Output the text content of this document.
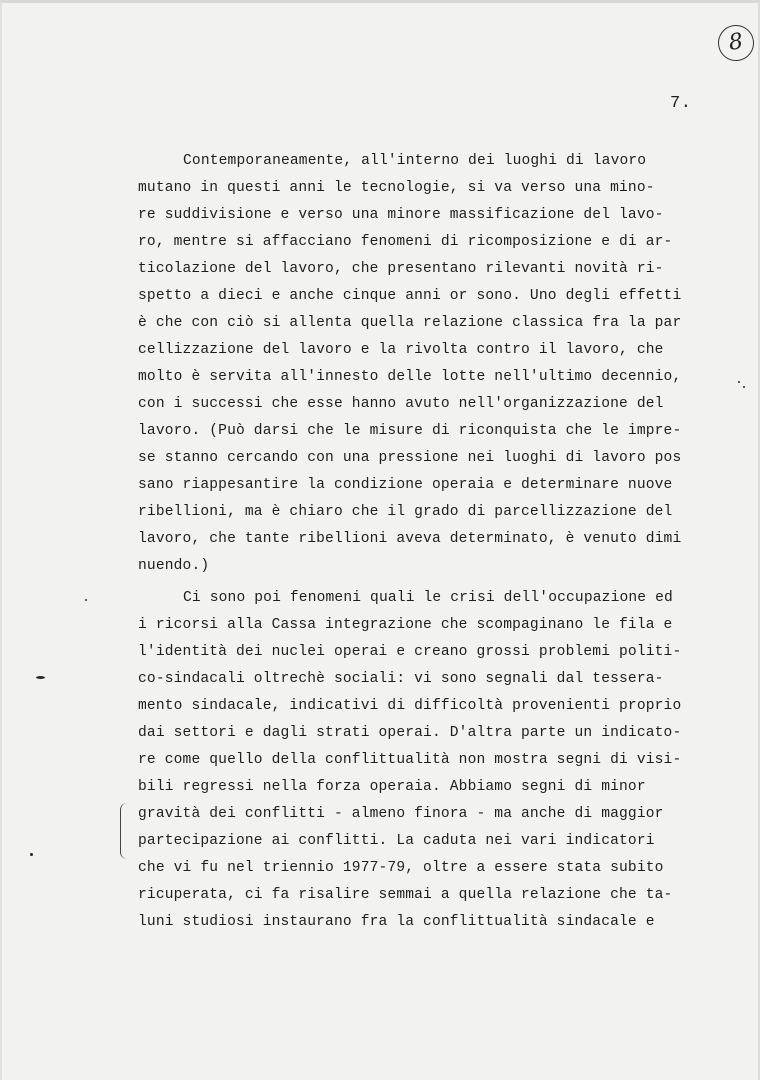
8
7.
Contemporaneamente, all'interno dei luoghi di lavoro
mutano in questi anni le tecnologie, si va verso una mino-
re suddivisione e verso una minore massificazione del lavo-
ro, mentre si affacciano fenomeni di ricomposizione e di ar-
ticolazione del lavoro, che presentano rilevanti novità ri-
spetto a dieci e anche cinque anni or sono. Uno degli effetti
è che con ciò si allenta quella relazione classica fra la par
cellizzazione del lavoro e la rivolta contro il lavoro, che
molto è servita all'innesto delle lotte nell'ultimo decennio,
con i successi che esse hanno avuto nell'organizzazione del
lavoro. (Può darsi che le misure di riconquista che le impre-
se stanno cercando con una pressione nei luoghi di lavoro pos
sano riappesantire la condizione operaia e determinare nuove
ribellioni, ma è chiaro che il grado di parcellizzazione del
lavoro, che tante ribellioni aveva determinato, è venuto dimi
nuendo.)
Ci sono poi fenomeni quali le crisi dell'occupazione ed
i ricorsi alla Cassa integrazione che scompaginano le fila e
l'identità dei nuclei operai e creano grossi problemi politi-
co-sindacali oltrechè sociali: vi sono segnali dal tessera-
mento sindacale, indicativi di difficoltà provenienti proprio
dai settori e dagli strati operai. D'altra parte un indicato-
re come quello della conflittualità non mostra segni di visi-
bili regressi nella forza operaia. Abbiamo segni di minor
gravità dei conflitti - almeno finora - ma anche di maggior
partecipazione ai conflitti. La caduta nei vari indicatori
che vi fu nel triennio 1977-79, oltre a essere stata subito
ricuperata, ci fa risalire semmai a quella relazione che ta-
luni studiosi instaurano fra la conflittualità sindacale e
